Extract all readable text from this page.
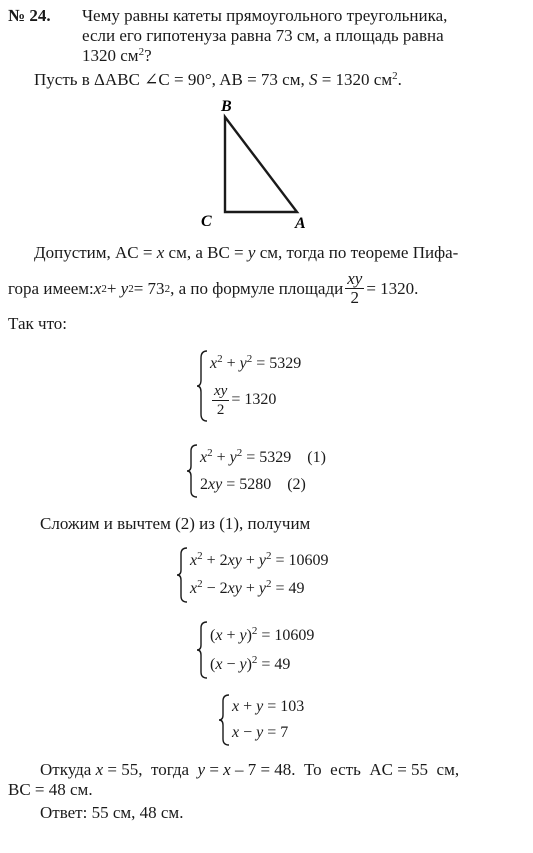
№ 24. Чему равны катеты прямоугольного треугольника,
если его гипотенуза равна 73 см, а площадь равна
1320 $см^2$?
Пусть в ΔABC ∠C = 90°, AB = 73 см, S = 1320 $см^2$.
B
C	A
Допустим, AC = x см, а BC = y см, тогда по теореме Пифа-
гора имеем: x 2 +
y 2 = 73 2 , а по формуле площади $\frac{xy}{2} = 1320$.
Так что:
$x^2 + y^2 = 5329$
$\frac{xy}{2} = 1320$
$x^2 + y^2 = 5329$    (1)
2xy = 5280    (2)
Сложим и вычтем (2) из (1), получим
$x^2 + 2xy + y^2 = 10609$
$x^2 - 2xy + y^2 = 49$
$(x + y)^2 = 10609$
$(x - y)^2 = 49$
x + y = 103
x − y = 7
Откуда x = 55,  тогда  y = x – 7 = 48.  То  есть  AC = 55  см,
BC = 48 см.
Ответ: 55 см, 48 см.
